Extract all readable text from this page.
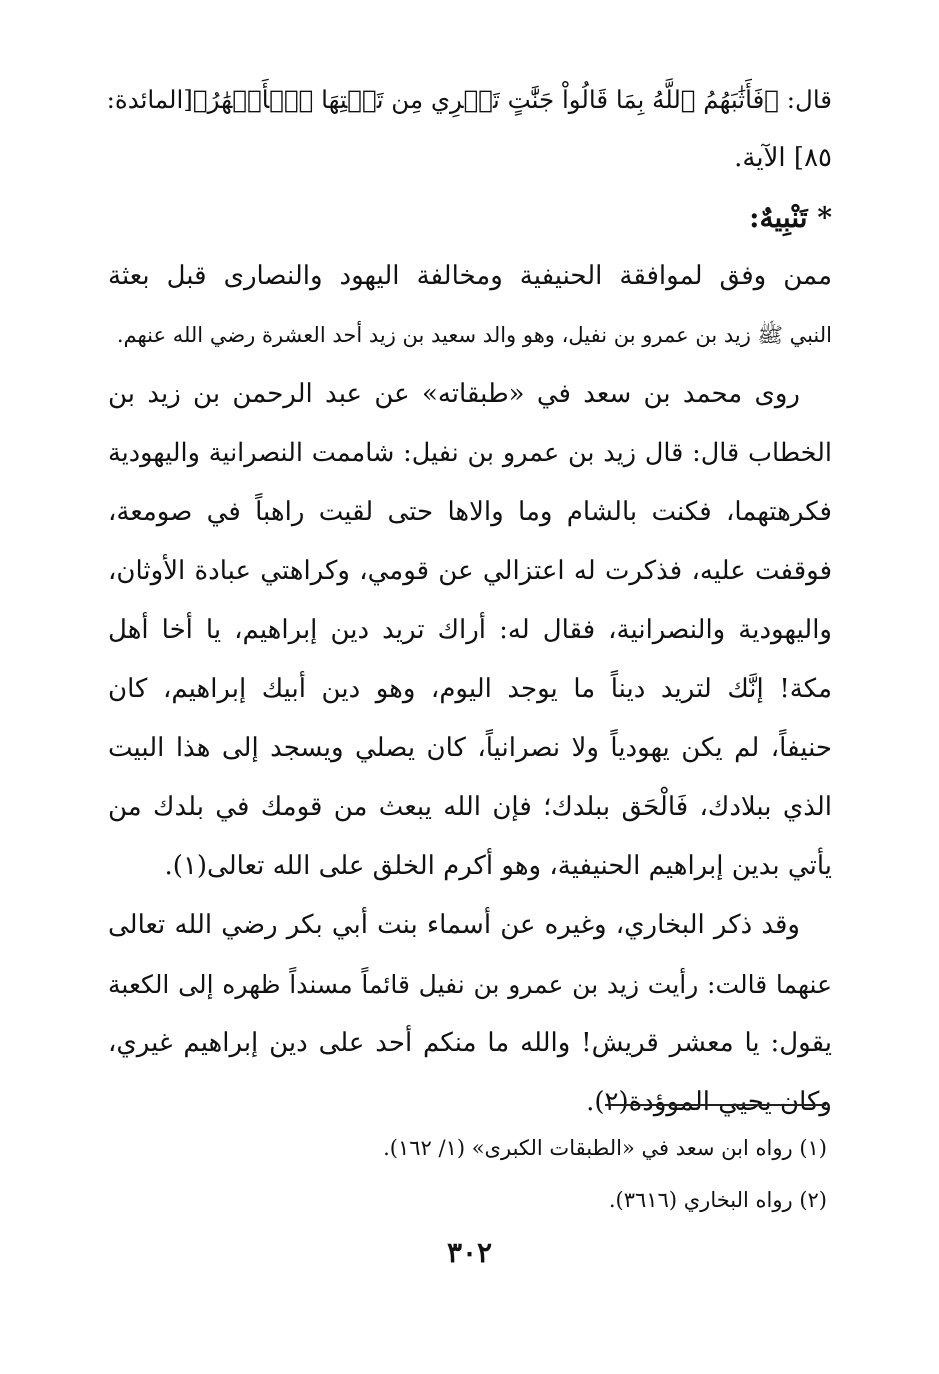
قال: ﴿فَأَثَٰبَهُمُ ٱللَّهُ بِمَا قَالُواْ جَنَّٰتٍ تَجۡرِي مِن تَحۡتِهَا ٱلۡأَنۡهَٰرُ﴾[المائدة:

٨٥] الآية.

* تَنْبِيهٌ:

ممن وفق لموافقة الحنيفية ومخالفة اليهود والنصارى قبل بعثة

النبي ﷺ زيد بن عمرو بن نفيل، وهو والد سعيد بن زيد أحد العشرة رضي الله عنهم.

روى محمد بن سعد في «طبقاته» عن عبد الرحمن بن زيد بن

الخطاب قال: قال زيد بن عمرو بن نفيل: شاممت النصرانية واليهودية

فكرهتهما، فكنت بالشام وما والاها حتى لقيت راهباً في صومعة،

فوقفت عليه، فذكرت له اعتزالي عن قومي، وكراهتي عبادة الأوثان،

واليهودية والنصرانية، فقال له: أراك تريد دين إبراهيم، يا أخا أهل

مكة! إنَّك لتريد ديناً ما يوجد اليوم، وهو دين أبيك إبراهيم، كان

حنيفاً، لم يكن يهودياً ولا نصرانياً، كان يصلي ويسجد إلى هذا البيت

الذي ببلادك، فَالْحَق ببلدك؛ فإن الله يبعث من قومك في بلدك من

يأتي بدين إبراهيم الحنيفية، وهو أكرم الخلق على الله تعالى(١).

وقد ذكر البخاري، وغيره عن أسماء بنت أبي بكر رضي الله تعالى

عنهما قالت: رأيت زيد بن عمرو بن نفيل قائماً مسنداً ظهره إلى الكعبة

يقول: يا معشر قريش! والله ما منكم أحد على دين إبراهيم غيري،

وكان يحيي الموؤدة(٢).

(١) رواه ابن سعد في «الطبقات الكبرى» (١/ ١٦٢).

(٢) رواه البخاري (٣٦١٦).

٣٠٢
